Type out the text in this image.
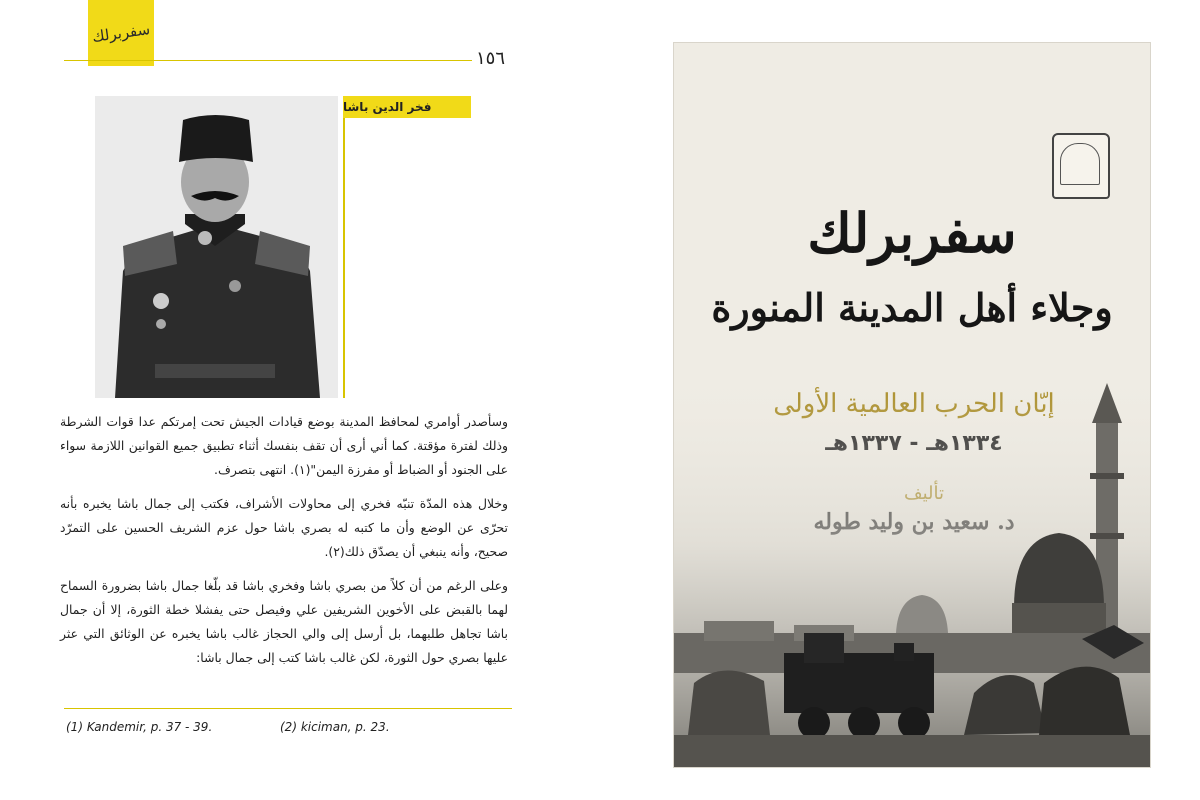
سفربرلك
١٥٦
فخر الدين باشا

وسأصدر أوامري لمحافظ المدينة بوضع قيادات الجيش تحت إمرتكم عدا قوات الشرطة وذلك لفترة مؤقتة. كما أني أرى أن تقف بنفسك أثناء تطبيق جميع القوانين اللازمة سواء على الجنود أو الضباط أو مفرزة اليمن"(١). انتهى بتصرف.

وخلال هذه المدّة تنبّه فخري إلى محاولات الأشراف، فكتب إلى جمال باشا يخبره بأنه تحرّى عن الوضع وأن ما كتبه له بصري باشا حول عزم الشريف الحسين على التمرّد صحيح، وأنه ينبغي أن يصدّق ذلك(٢).

وعلى الرغم من أن كلاً من بصري باشا وفخري باشا قد بلّغا جمال باشا بضرورة السماح لهما بالقبض على الأخوين الشريفين علي وفيصل حتى يفشلا خطة الثورة، إلا أن جمال باشا تجاهل طلبهما، بل أرسل إلى والي الحجاز غالب باشا يخبره عن الوثائق التي عثر عليها بصري حول الثورة، لكن غالب باشا كتب إلى جمال باشا:

(1) Kandemir, p. 37 - 39.	(2) kiciman, p. 23.
سفربرلك
وجلاء أهل المدينة المنورة
